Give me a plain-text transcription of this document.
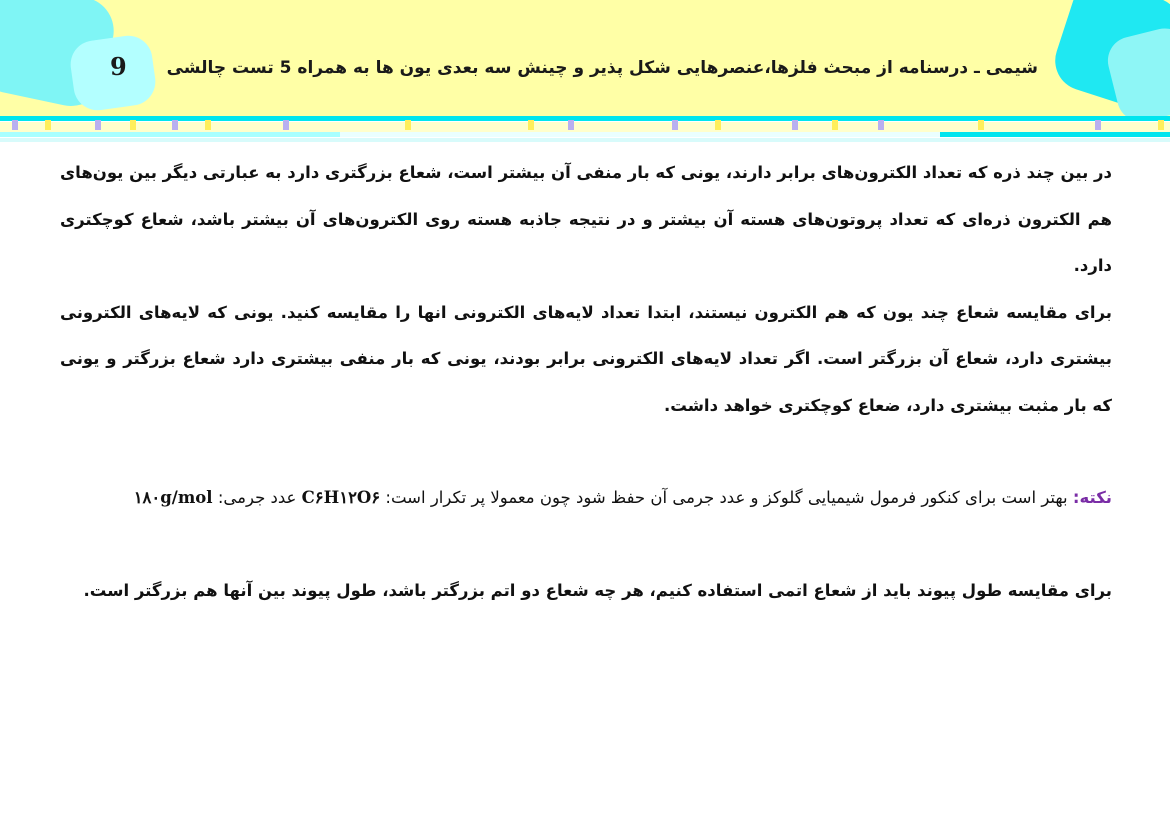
شیمی ـ درسنامه از مبحث فلزها،عنصرهایی شکل پذیر و چینش سه بعدی یون ها به همراه 5 تست چالشی
9

در بین چند ذره که تعداد الکترون‌های برابر دارند، یونی که بار منفی آن بیشتر است، شعاع بزرگتری دارد به عبارتی دیگر بین یون‌های هم الکترون ذره‌ای که تعداد پروتون‌های هسته آن بیشتر و در نتیجه جاذبه هسته روی الکترون‌های آن بیشتر باشد، شعاع کوچکتری دارد.

برای مقایسه شعاع چند یون که هم الکترون نیستند، ابتدا تعداد لایه‌های الکترونی انها را مقایسه کنید. یونی که لایه‌های الکترونی بیشتری دارد، شعاع آن بزرگتر است. اگر تعداد لایه‌های الکترونی برابر بودند، یونی که بار منفی بیشتری دارد شعاع بزرگتر و یونی که بار مثبت بیشتری دارد، ضعاع کوچکتری خواهد داشت.

نکته: بهتر است برای کنکور فرمول شیمیایی گلوکز و عدد جرمی آن حفظ شود چون معمولا پر تکرار است: C۶H۱۲O۶ عدد جرمی: ۱۸۰g/mol

برای مقایسه طول پیوند باید از شعاع اتمی استفاده کنیم، هر چه شعاع دو اتم بزرگتر باشد، طول پیوند بین آنها هم بزرگتر است.
